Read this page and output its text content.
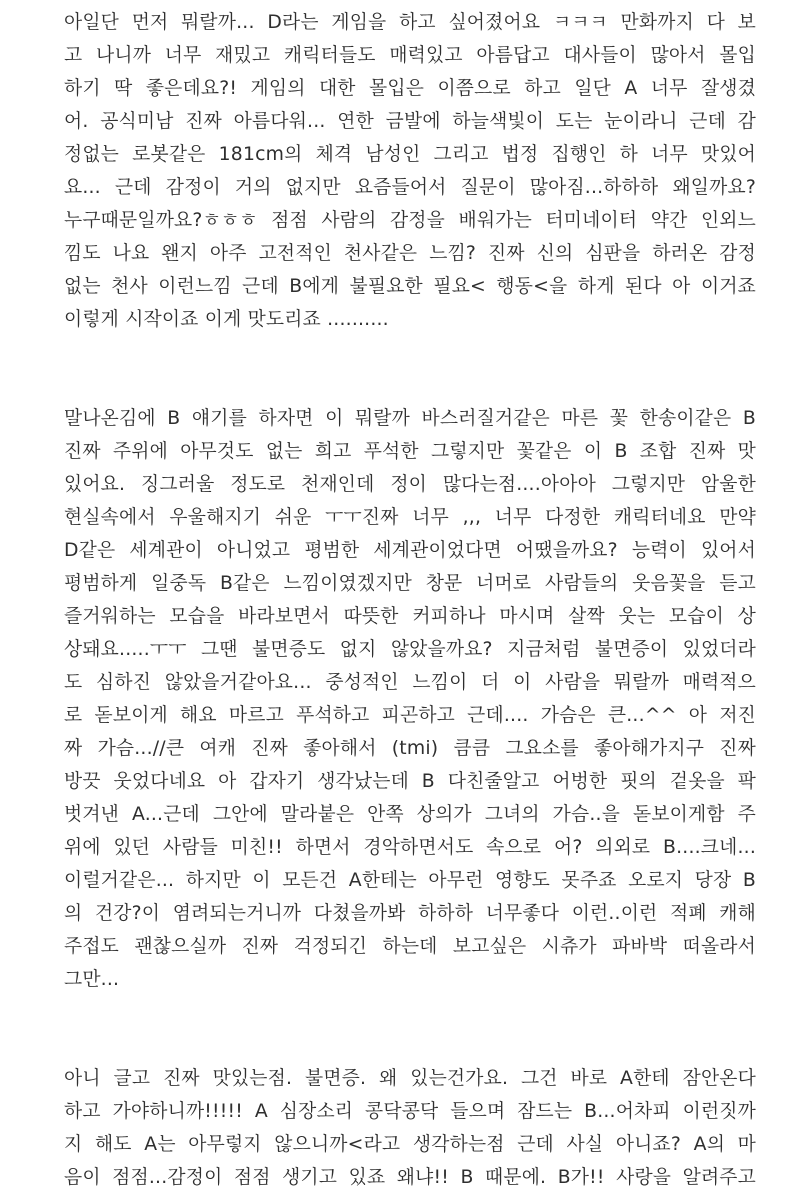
아일단 먼저 뭐랄까... D라는 게임을 하고 싶어졌어요 ㅋㅋㅋ 만화까지 다 보
고 나니까 너무 재밌고 캐릭터들도 매력있고 아름답고 대사들이 많아서 몰입
하기 딱 좋은데요?! 게임의 대한 몰입은 이쯤으로 하고 일단 A 너무 잘생겼
어. 공식미남 진짜 아름다워... 연한 금발에 하늘색빛이 도는 눈이라니 근데 감
정없는 로봇같은 181cm의 체격 남성인 그리고 법정 집행인 하 너무 맛있어
요... 근데 감정이 거의 없지만 요즘들어서 질문이 많아짐...하하하 왜일까요?
누구때문일까요?ㅎㅎㅎ 점점 사람의 감정을 배워가는 터미네이터 약간 인외느
낌도 나요 왠지 아주 고전적인 천사같은 느낌? 진짜 신의 심판을 하러온 감정
없는 천사 이런느낌 근데 B에게 불필요한 필요< 행동<을 하게 된다 아 이거죠
이렇게 시작이죠 이게 맛도리죠 ..........
말나온김에 B 얘기를 하자면 이 뭐랄까 바스러질거같은 마른 꽃 한송이같은 B
진짜 주위에 아무것도 없는 희고 푸석한 그렇지만 꽃같은 이 B 조합 진짜 맛
있어요. 징그러울 정도로 천재인데 정이 많다는점....아아아 그렇지만 암울한
현실속에서 우울해지기 쉬운 ㅜㅜ진짜 너무 ,,, 너무 다정한 캐릭터네요 만약
D같은 세계관이 아니었고 평범한 세계관이었다면 어땠을까요? 능력이 있어서
평범하게 일중독 B같은 느낌이였겠지만 창문 너머로 사람들의 웃음꽃을 듣고
즐거워하는 모습을 바라보면서 따뜻한 커피하나 마시며 살짝 웃는 모습이 상
상돼요.....ㅜㅜ 그땐 불면증도 없지 않았을까요? 지금처럼 불면증이 있었더라
도 심하진 않았을거같아요... 중성적인 느낌이 더 이 사람을 뭐랄까 매력적으
로 돋보이게 해요 마르고 푸석하고 피곤하고 근데.... 가슴은 큰...^^ 아 저진
짜 가슴...//큰 여캐 진짜 좋아해서 (tmi) 큼큼 그요소를 좋아해가지구 진짜
방끗 웃었다네요 아 갑자기 생각났는데 B 다친줄알고 어벙한 핏의 겉옷을 팍
벗겨낸 A...근데 그안에 말라붙은 안쪽 상의가 그녀의 가슴..을 돋보이게함 주
위에 있던 사람들 미친!! 하면서 경악하면서도 속으로 어? 의외로 B....크네...
이럴거같은... 하지만 이 모든건 A한테는 아무런 영향도 못주죠 오로지 당장 B
의 건강?이 염려되는거니까 다쳤을까봐 하하하 너무좋다 이런..이런 적폐 캐해
주접도 괜찮으실까 진짜 걱정되긴 하는데 보고싶은 시츄가 파바박 떠올라서
그만...
아니 글고 진짜 맛있는점. 불면증. 왜 있는건가요. 그건 바로 A한테 잠안온다
하고 가야하니까!!!!! A 심장소리 콩닥콩닥 들으며 잠드는 B...어차피 이런짓까
지 해도 A는 아무렇지 않으니까<라고 생각하는점 근데 사실 아니죠? A의 마
음이 점점...감정이 점점 생기고 있죠 왜냐!! B 때문에. B가!! 사랑을 알려주고
